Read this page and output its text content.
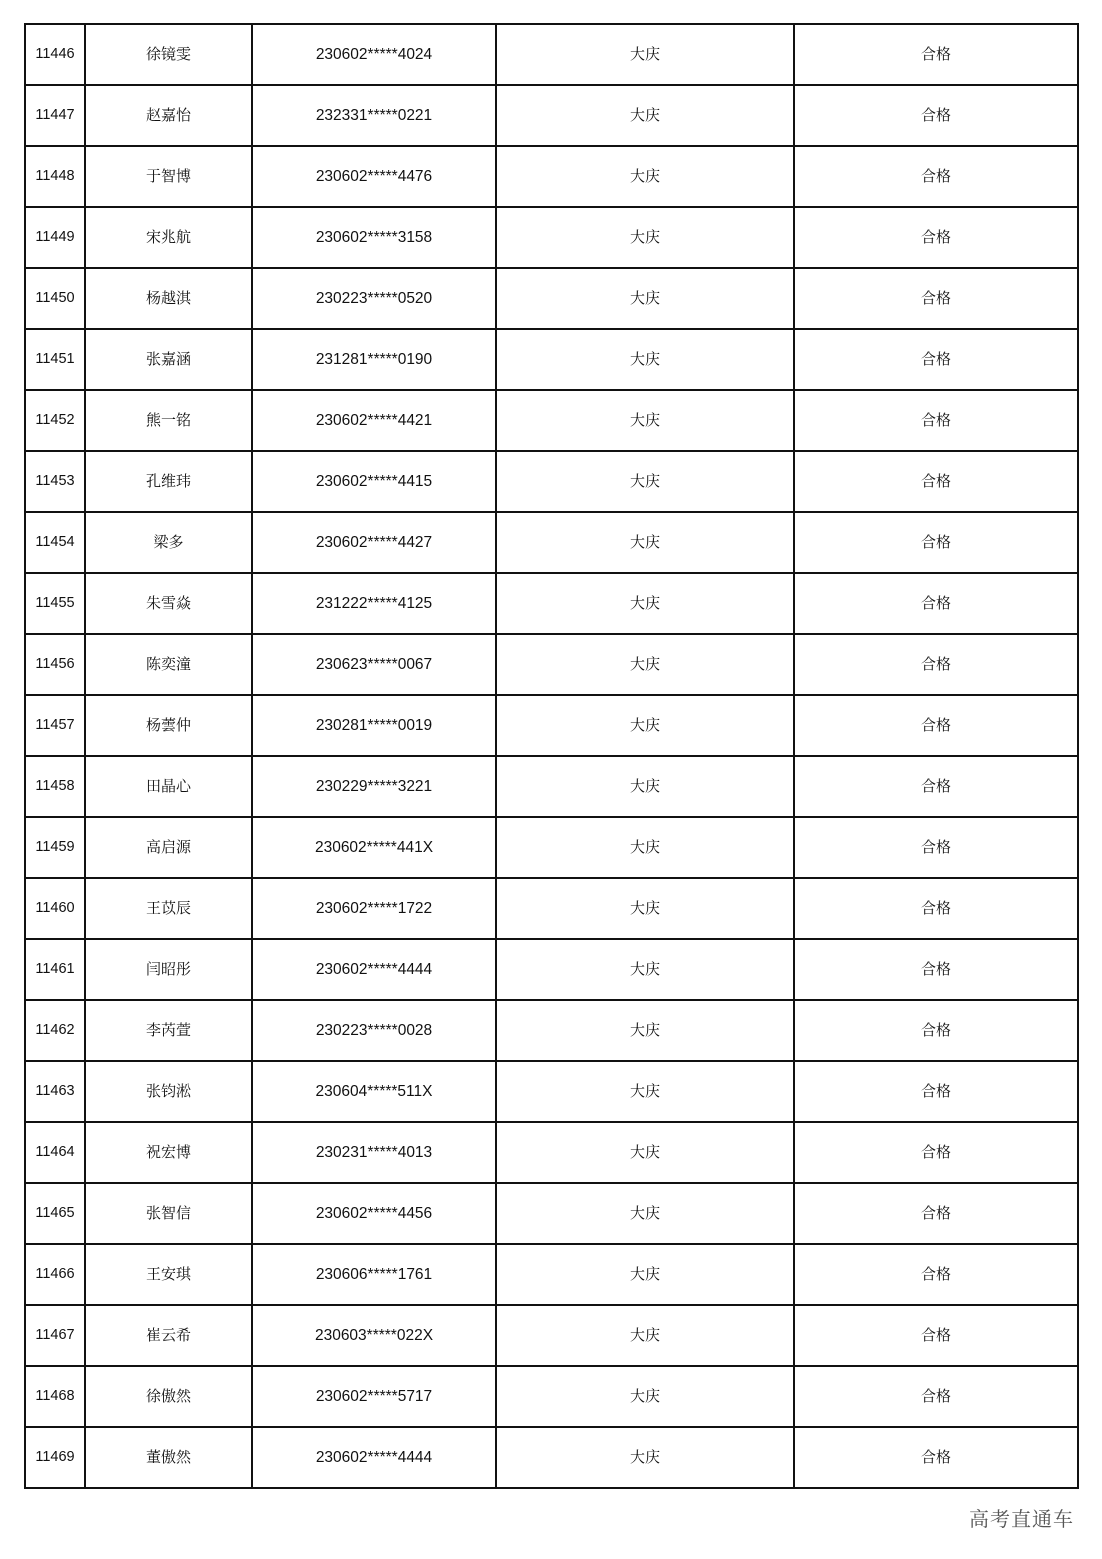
11446	徐镜雯	230602*****4024	大庆	合格
11447	赵嘉怡	232331*****0221	大庆	合格
11448	于智博	230602*****4476	大庆	合格
11449	宋兆航	230602*****3158	大庆	合格
11450	杨越淇	230223*****0520	大庆	合格
11451	张嘉涵	231281*****0190	大庆	合格
11452	熊一铭	230602*****4421	大庆	合格
11453	孔维玮	230602*****4415	大庆	合格
11454	梁多	230602*****4427	大庆	合格
11455	朱雪焱	231222*****4125	大庆	合格
11456	陈奕潼	230623*****0067	大庆	合格
11457	杨蕓仲	230281*****0019	大庆	合格
11458	田晶心	230229*****3221	大庆	合格
11459	高启源	230602*****441X	大庆	合格
11460	王苡辰	230602*****1722	大庆	合格
11461	闫昭彤	230602*****4444	大庆	合格
11462	李芮萱	230223*****0028	大庆	合格
11463	张钧淞	230604*****511X	大庆	合格
11464	祝宏博	230231*****4013	大庆	合格
11465	张智信	230602*****4456	大庆	合格
11466	王安琪	230606*****1761	大庆	合格
11467	崔云希	230603*****022X	大庆	合格
11468	徐傲然	230602*****5717	大庆	合格
11469	董傲然	230602*****4444	大庆	合格
高考直通车
